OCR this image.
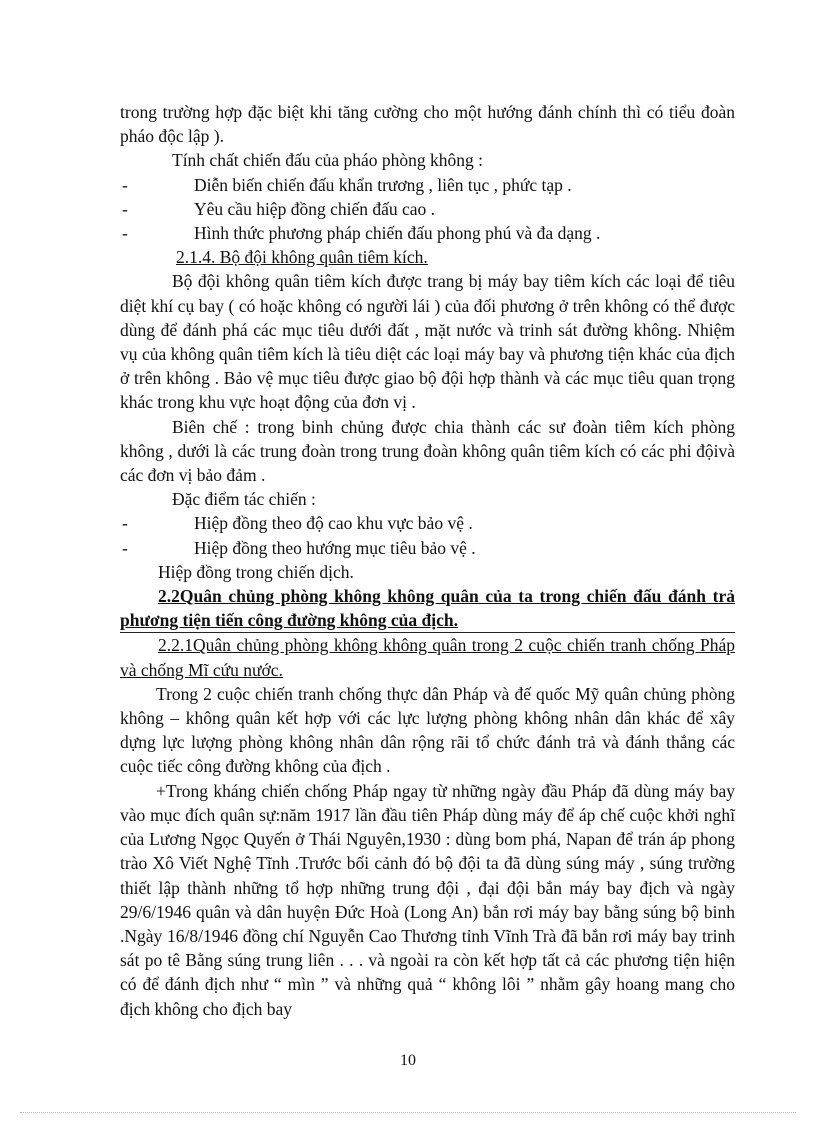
trong trường hợp đặc biệt khi tăng cường cho một hướng đánh chính thì có tiểu đoàn pháo độc lập ).

Tính chất chiến đấu của pháo phòng không :

-	Diễn biến chiến đấu khẩn trương , liên tục , phức tạp .
-	Yêu cầu hiệp đồng chiến đấu cao .
-	Hình thức phương pháp chiến đấu phong phú và đa dạng .

2.1.4. Bộ đội không quân tiêm kích.

Bộ đội không quân tiêm kích được trang bị máy bay tiêm kích các loại để tiêu diệt khí cụ bay ( có hoặc không có người lái ) của đối phương ở trên không có thể được dùng để đánh phá các mục tiêu dưới đất , mặt nước và trinh sát đường không. Nhiệm vụ của không quân tiêm kích là tiêu diệt các loại máy bay và phương tiện khác của địch ở trên không . Bảo vệ mục tiêu được giao bộ đội hợp thành và các mục tiêu quan trọng khác trong khu vực hoạt động của đơn vị .

Biên chế : trong binh chủng được chia thành các sư đoàn tiêm kích phòng không , dưới là các trung đoàn trong trung đoàn không quân tiêm kích có các phi độivà các đơn vị bảo đảm .

Đặc điểm tác chiến :

-	Hiệp đồng theo độ cao khu vực bảo vệ .
-	Hiệp đồng theo hướng mục tiêu bảo vệ .

Hiệp đồng trong chiến dịch.

2.2Quân chủng phòng không không quân của ta trong chiến đấu đánh trả phương tiện tiến công đường không của địch.

2.2.1Quân chủng phòng không không quân trong 2 cuộc chiến tranh chống Pháp và chống Mĩ cứu nước.

Trong 2 cuộc chiến tranh chống thực dân Pháp và đế quốc Mỹ quân chủng phòng không – không quân kết hợp với các lực lượng phòng không nhân dân khác để xây dựng lực lượng phòng không nhân dân rộng rãi tổ chức đánh trả và đánh thắng các cuộc tiếc công đường không của địch .

+Trong kháng chiến chống Pháp ngay từ những ngày đầu Pháp đã dùng máy bay vào mục đích quân sự:năm 1917 lần đầu tiên Pháp dùng máy để áp chế cuộc khởi nghĩ của Lương Ngọc Quyến ở Thái Nguyên,1930 : dùng bom phá, Napan để trán áp phong trào Xô Viết Nghệ Tĩnh .Trước bối cảnh đó bộ đội ta đã dùng súng máy , súng trường thiết lập thành những tổ hợp những trung đội , đại đội bắn máy bay địch và ngày 29/6/1946 quân và dân huyện Đức Hoà (Long An) bắn rơi máy bay bằng súng bộ binh .Ngày 16/8/1946 đồng chí Nguyễn Cao Thương tỉnh Vĩnh Trà đã bắn rơi máy bay trinh sát po tê Bằng súng trung liên . . . và ngoài ra còn kết hợp tất cả các phương tiện hiện có để đánh địch như “ mìn ” và những quả “ không lôi ” nhằm gây hoang mang cho địch không cho địch bay

10
